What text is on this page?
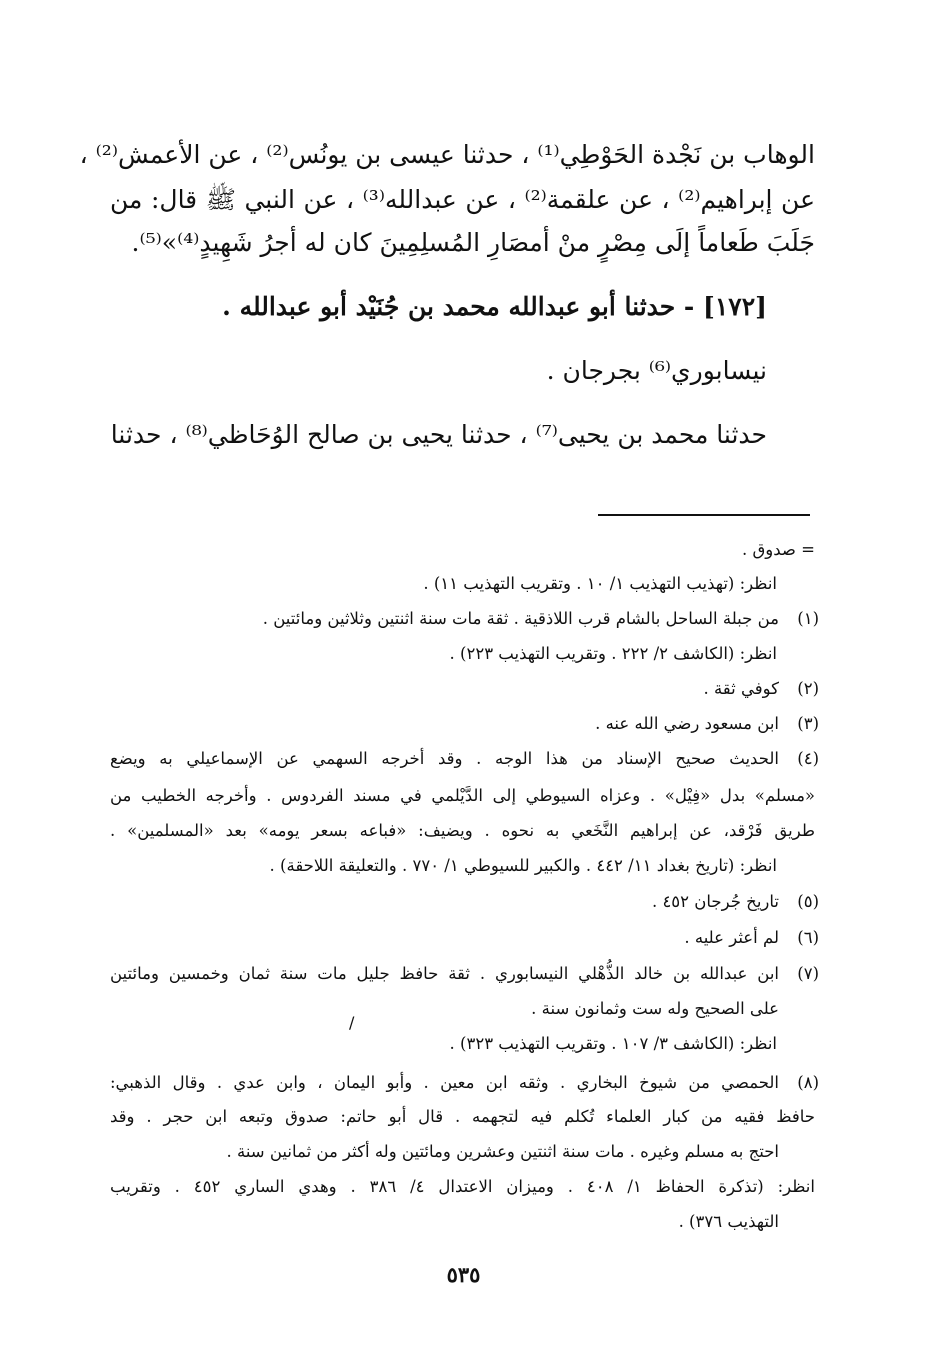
الوهاب بن نَجْدة الحَوْطِي⁽¹⁾ ، حدثنا عيسى بن يونُس⁽²⁾ ، عن الأعمش⁽²⁾ ،
عن إبراهيم⁽²⁾ ، عن علقمة⁽²⁾ ، عن عبدالله⁽³⁾ ، عن النبي ﷺ قال: من
جَلَبَ طَعاماً إلَى مِصْرٍ منْ أمصَارِ المُسلِمِينَ كان له أجرُ شَهِيدٍ⁽⁴⁾»⁽⁵⁾.
[١٧٢] - حدثنا أبو عبدالله محمد بن جُنَيْد أبو عبدالله .
نيسابوري⁽⁶⁾ بجرجان .
حدثنا محمد بن يحيى⁽⁷⁾ ، حدثنا يحيى بن صالح الوُحَاظي⁽⁸⁾ ، حدثنا
= صدوق .
انظر: (تهذيب التهذيب ١/ ١٠ . وتقريب التهذيب ١١) .
(١)
من جبلة الساحل بالشام قرب اللاذقية . ثقة مات سنة اثنتين وثلاثين ومائتين .
انظر: (الكاشف ٢/ ٢٢٢ . وتقريب التهذيب ٢٢٣) .
(٢)
كوفي ثقة .
(٣)
ابن مسعود رضي الله عنه .
(٤)
الحديث صحيح الإسناد من هذا الوجه . وقد أخرجه السهمي عن الإسماعيلي به ويضع
«مسلم» بدل «فِيْل» . وعزاه السيوطي إلى الدَّيْلمي في مسند الفردوس . وأخرجه الخطيب من
طريق فَرْقد، عن إبراهيم النَّخَعي به نحوه . ويضيف: «فباعه بسعر يومه» بعد «المسلمين» .
انظر: (تاريخ بغداد ١١/ ٤٤٢ . والكبير للسيوطي ١/ ٧٧٠ . والتعليقة اللاحقة) .
(٥)
تاريخ جُرجان ٤٥٢ .
(٦)
لم أعثر عليه .
(٧)
ابن عبدالله بن خالد الذُّهْلي النيسابوري . ثقة حافظ جليل مات سنة ثمان وخمسين ومائتين
على الصحيح وله ست وثمانون سنة .
انظر: (الكاشف ٣/ ١٠٧ . وتقريب التهذيب ٣٢٣) .
(٨)
الحمصي من شيوخ البخاري . وثقه ابن معين . وأبو اليمان ، وابن عدي . وقال الذهبي:
حافظ فقيه من كبار العلماء تُكلم فيه لتجهمه . قال أبو حاتم: صدوق وتبعه ابن حجر . وقد
احتج به مسلم وغيره . مات سنة اثنتين وعشرين ومائتين وله أكثر من ثمانين سنة .
انظر: (تذكرة الحفاظ ١/ ٤٠٨ . وميزان الاعتدال ٤/ ٣٨٦ . وهدي الساري ٤٥٢ . وتقريب
التهذيب ٣٧٦) .
/
٥٣٥
